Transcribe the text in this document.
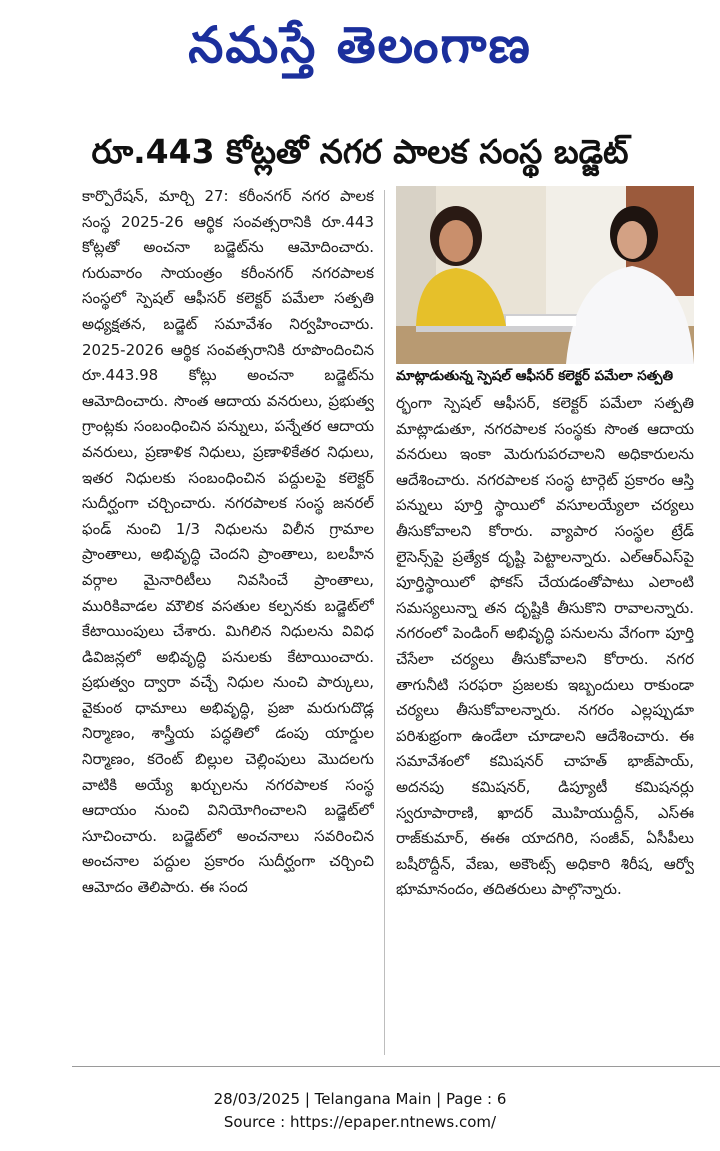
నమస్తే తెలంగాణ
రూ.443 కోట్లతో నగర పాలక సంస్థ బడ్జెట్
కార్పొరేషన్, మార్చి 27: కరీంనగర్ నగర పాలక సంస్థ 2025-26 ఆర్థిక సంవత్సరానికి రూ.443 కోట్లతో అంచనా బడ్జెట్‌ను ఆమోదించారు. గురువారం సాయంత్రం కరీంనగర్ నగరపాలక సంస్థలో స్పెషల్ ఆఫీసర్ కలెక్టర్ పమేలా సత్పతి అధ్యక్షతన, బడ్జెట్ సమావేశం నిర్వహించారు. 2025-2026 ఆర్థిక సంవత్సరానికి రూపొందించిన రూ.443.98 కోట్లు అంచనా బడ్జెట్‌ను ఆమోదించారు. సొంత ఆదాయ వనరులు, ప్రభుత్వ గ్రాంట్లకు సంబంధించిన పన్నులు, పన్నేతర ఆదాయ వనరులు, ప్రణాళిక నిధులు, ప్రణాళికేతర నిధులు, ఇతర నిధులకు సంబంధించిన పద్దులపై కలెక్టర్ సుదీర్ఘంగా చర్చించారు. నగరపాలక సంస్థ జనరల్ ఫండ్ నుంచి 1/3 నిధులను విలీన గ్రామాల ప్రాంతాలు, అభివృద్ధి చెందని ప్రాంతాలు, బలహీన వర్గాల మైనారిటీలు నివసించే ప్రాంతాలు, మురికివాడల మౌలిక వసతుల కల్పనకు బడ్జెట్‌లో కేటాయింపులు చేశారు. మిగిలిన నిధులను వివిధ డివిజన్లలో అభివృద్ధి పనులకు కేటాయించారు. ప్రభుత్వం ద్వారా వచ్చే నిధుల నుంచి పార్కులు, వైకుంఠ ధామాలు అభివృద్ధి, ప్రజా మరుగుదొడ్ల నిర్మాణం, శాస్త్రీయ పద్ధతిలో డంపు యార్డుల నిర్మాణం, కరెంట్ బిల్లుల చెల్లింపులు మొదలగు వాటికి అయ్యే ఖర్చులను నగరపాలక సంస్థ ఆదాయం నుంచి వినియోగించాలని బడ్జెట్‌లో సూచించారు. బడ్జెట్‌లో అంచనాలు సవరించిన అంచనాల పద్దుల ప్రకారం సుదీర్ఘంగా చర్చించి ఆమోదం తెలిపారు. ఈ సంద
మాట్లాడుతున్న స్పెషల్ ఆఫీసర్ కలెక్టర్ పమేలా సత్పతి
ర్భంగా స్పెషల్ ఆఫీసర్, కలెక్టర్ పమేలా సత్పతి మాట్లాడుతూ, నగరపాలక సంస్థకు సొంత ఆదాయ వనరులు ఇంకా మెరుగుపరచాలని అధికారులను ఆదేశించారు. నగరపాలక సంస్థ టార్గెట్ ప్రకారం ఆస్తి పన్నులు పూర్తి స్థాయిలో వసూలయ్యేలా చర్యలు తీసుకోవాలని కోరారు. వ్యాపార సంస్థల ట్రేడ్ లైసెన్స్‌పై ప్రత్యేక దృష్టి పెట్టాలన్నారు. ఎల్‌ఆర్‌ఎస్‌పై పూర్తిస్థాయిలో ఫోకస్ చేయడంతోపాటు ఎలాంటి సమస్యలున్నా తన దృష్టికి తీసుకొని రావాలన్నారు. నగరంలో పెండింగ్ అభివృద్ధి పనులను వేగంగా పూర్తి చేసేలా చర్యలు తీసుకోవాలని కోరారు. నగర తాగునీటి సరఫరా ప్రజలకు ఇబ్బందులు రాకుండా చర్యలు తీసుకోవాలన్నారు. నగరం ఎల్లప్పుడూ పరిశుభ్రంగా ఉండేలా చూడాలని ఆదేశించారు. ఈ సమావేశంలో కమిషనర్ చాహత్ భాజ్‌పాయ్, అదనపు కమిషనర్, డిప్యూటీ కమిషనర్లు స్వరూపారాణి, ఖాదర్ మొహియుద్దీన్, ఎస్‌ఈ రాజ్‌కుమార్, ఈఈ యాదగిరి, సంజీవ్, ఏసీపీలు బషీరొద్దీన్, వేణు, అకౌంట్స్ అధికారి శిరీష, ఆర్వో భూమానందం, తదితరులు పాల్గొన్నారు.
28/03/2025 | Telangana Main | Page : 6
Source : https://epaper.ntnews.com/
